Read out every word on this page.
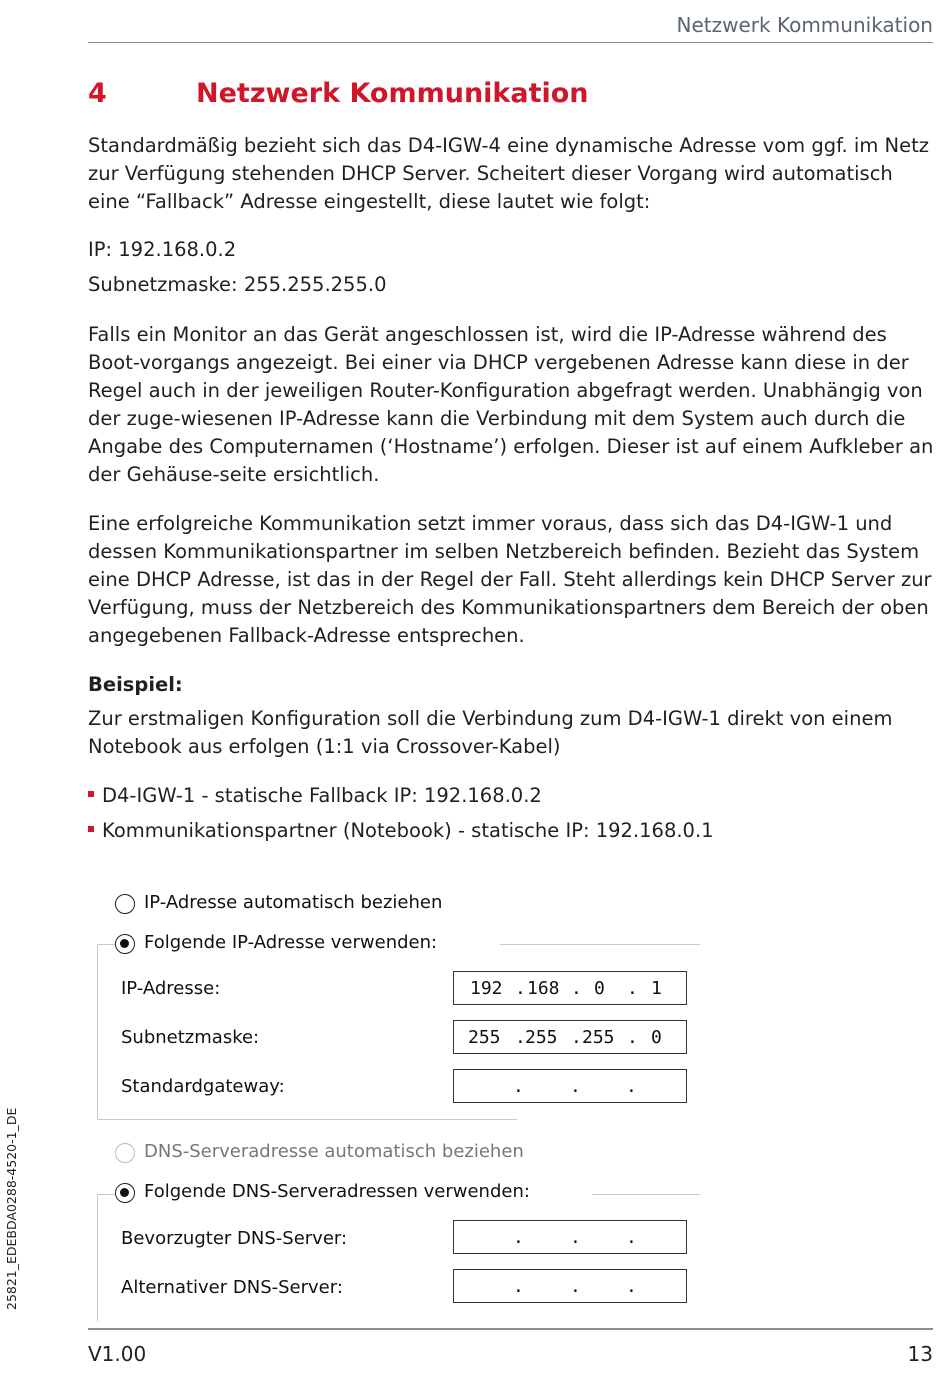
Netzwerk Kommunikation
4	Netzwerk Kommunikation
Standardmäßig bezieht sich das D4-IGW-4 eine dynamische Adresse vom ggf. im Netz zur Verfügung stehenden DHCP Server. Scheitert dieser Vorgang wird automatisch eine “Fallback” Adresse eingestellt, diese lautet wie folgt:
IP: 192.168.0.2
Subnetzmaske: 255.255.255.0
Falls ein Monitor an das Gerät angeschlossen ist, wird die IP-Adresse während des Boot-vorgangs angezeigt. Bei einer via DHCP vergebenen Adresse kann diese in der Regel auch in der jeweiligen Router-Konfiguration abgefragt werden. Unabhängig von der zuge-wiesenen IP-Adresse kann die Verbindung mit dem System auch durch die Angabe des Computernamen (‘Hostname’) erfolgen. Dieser ist auf einem Aufkleber an der Gehäuse-seite ersichtlich.
Eine erfolgreiche Kommunikation setzt immer voraus, dass sich das D4-IGW-1 und dessen Kommunikationspartner im selben Netzbereich befinden. Bezieht das System eine DHCP Adresse, ist das in der Regel der Fall. Steht allerdings kein DHCP Server zur Verfügung, muss der Netzbereich des Kommunikationspartners dem Bereich der oben angegebenen Fallback-Adresse entsprechen.
Beispiel:
Zur erstmaligen Konfiguration soll die Verbindung zum D4-IGW-1 direkt von einem Notebook aus erfolgen (1:1 via Crossover-Kabel)
D4-IGW-1 - statische Fallback IP: 192.168.0.2
Kommunikationspartner (Notebook) - statische IP: 192.168.0.1
IP-Adresse automatisch beziehen
Folgende IP-Adresse verwenden:
IP-Adresse:	192 . 168 . 0 . 1
Subnetzmaske:	255 . 255 . 255 . 0
Standardgateway:	.	.	.
DNS-Serveradresse automatisch beziehen
Folgende DNS-Serveradressen verwenden:
Bevorzugter DNS-Server:	.	.	.
Alternativer DNS-Server:	.	.	.
25821_EDEBDA0288-4520-1_DE
V1.00	13
